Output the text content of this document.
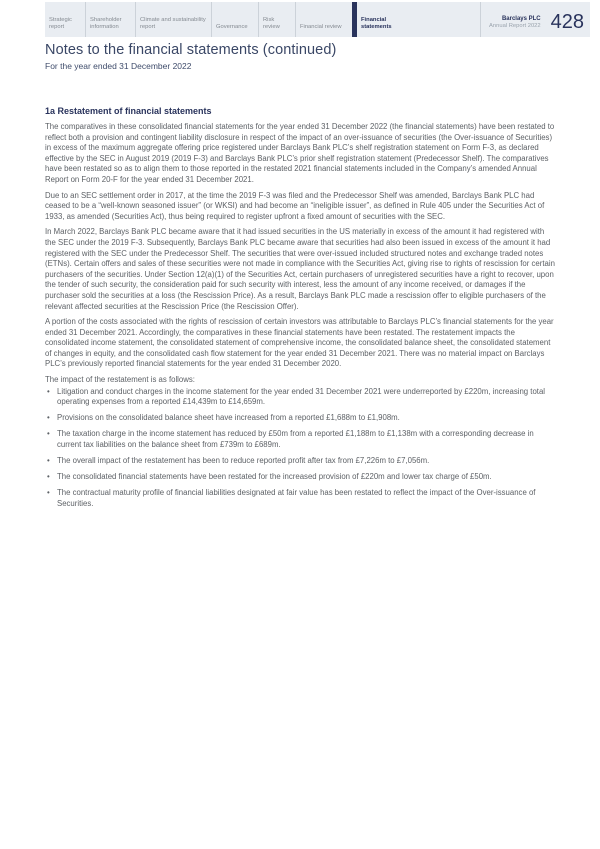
Strategic report
Shareholder information
Climate and sustainability report	Governance
Risk review	Financial review
Financial statements
Barclays PLC
Annual Report 2022 428
Notes to the financial statements (continued)
For the year ended 31 December 2022
1a Restatement of financial statements

The comparatives in these consolidated financial statements for the year ended 31 December 2022 (the financial statements) have been restated to reflect both a provision and contingent liability disclosure in respect of the impact of an over-issuance of securities (the Over-issuance of Securities) in excess of the maximum aggregate offering price registered under Barclays Bank PLC’s shelf registration statement on Form F-3, as declared effective by the SEC in August 2019 (2019 F-3) and Barclays Bank PLC’s prior shelf registration statement (Predecessor Shelf). The comparatives have been restated so as to align them to those reported in the restated 2021 financial statements included in the Company’s amended Annual Report on Form 20-F for the year ended 31 December 2021.

Due to an SEC settlement order in 2017, at the time the 2019 F-3 was filed and the Predecessor Shelf was amended, Barclays Bank PLC had ceased to be a “well-known seasoned issuer” (or WKSI) and had become an “ineligible issuer”, as defined in Rule 405 under the Securities Act of 1933, as amended (Securities Act), thus being required to register upfront a fixed amount of securities with the SEC.

In March 2022, Barclays Bank PLC became aware that it had issued securities in the US materially in excess of the amount it had registered with the SEC under the 2019 F-3. Subsequently, Barclays Bank PLC became aware that securities had also been issued in excess of the amount it had registered with the SEC under the Predecessor Shelf. The securities that were over-issued included structured notes and exchange traded notes (ETNs). Certain offers and sales of these securities were not made in compliance with the Securities Act, giving rise to rights of rescission for certain purchasers of the securities. Under Section 12(a)(1) of the Securities Act, certain purchasers of unregistered securities have a right to recover, upon the tender of such security, the consideration paid for such security with interest, less the amount of any income received, or damages if the purchaser sold the securities at a loss (the Rescission Price). As a result, Barclays Bank PLC made a rescission offer to eligible purchasers of the relevant affected securities at the Rescission Price (the Rescission Offer).

A portion of the costs associated with the rights of rescission of certain investors was attributable to Barclays PLC’s financial statements for the year ended 31 December 2021. Accordingly, the comparatives in these financial statements have been restated. The restatement impacts the consolidated income statement, the consolidated statement of comprehensive income, the consolidated balance sheet, the consolidated statement of changes in equity, and the consolidated cash flow statement for the year ended 31 December 2021. There was no material impact on Barclays PLC’s previously reported financial statements for the year ended 31 December 2020.

The impact of the restatement is as follows:

• Litigation and conduct charges in the income statement for the year ended 31 December 2021 were underreported by £220m, increasing total operating expenses from a reported £14,439m to £14,659m.
• Provisions on the consolidated balance sheet have increased from a reported £1,688m to £1,908m.
• The taxation charge in the income statement has reduced by £50m from a reported £1,188m to £1,138m with a corresponding decrease in current tax liabilities on the balance sheet from £739m to £689m.
• The overall impact of the restatement has been to reduce reported profit after tax from £7,226m to £7,056m.
• The consolidated financial statements have been restated for the increased provision of £220m and lower tax charge of £50m.
• The contractual maturity profile of financial liabilities designated at fair value has been restated to reflect the impact of the Over-issuance of Securities.
